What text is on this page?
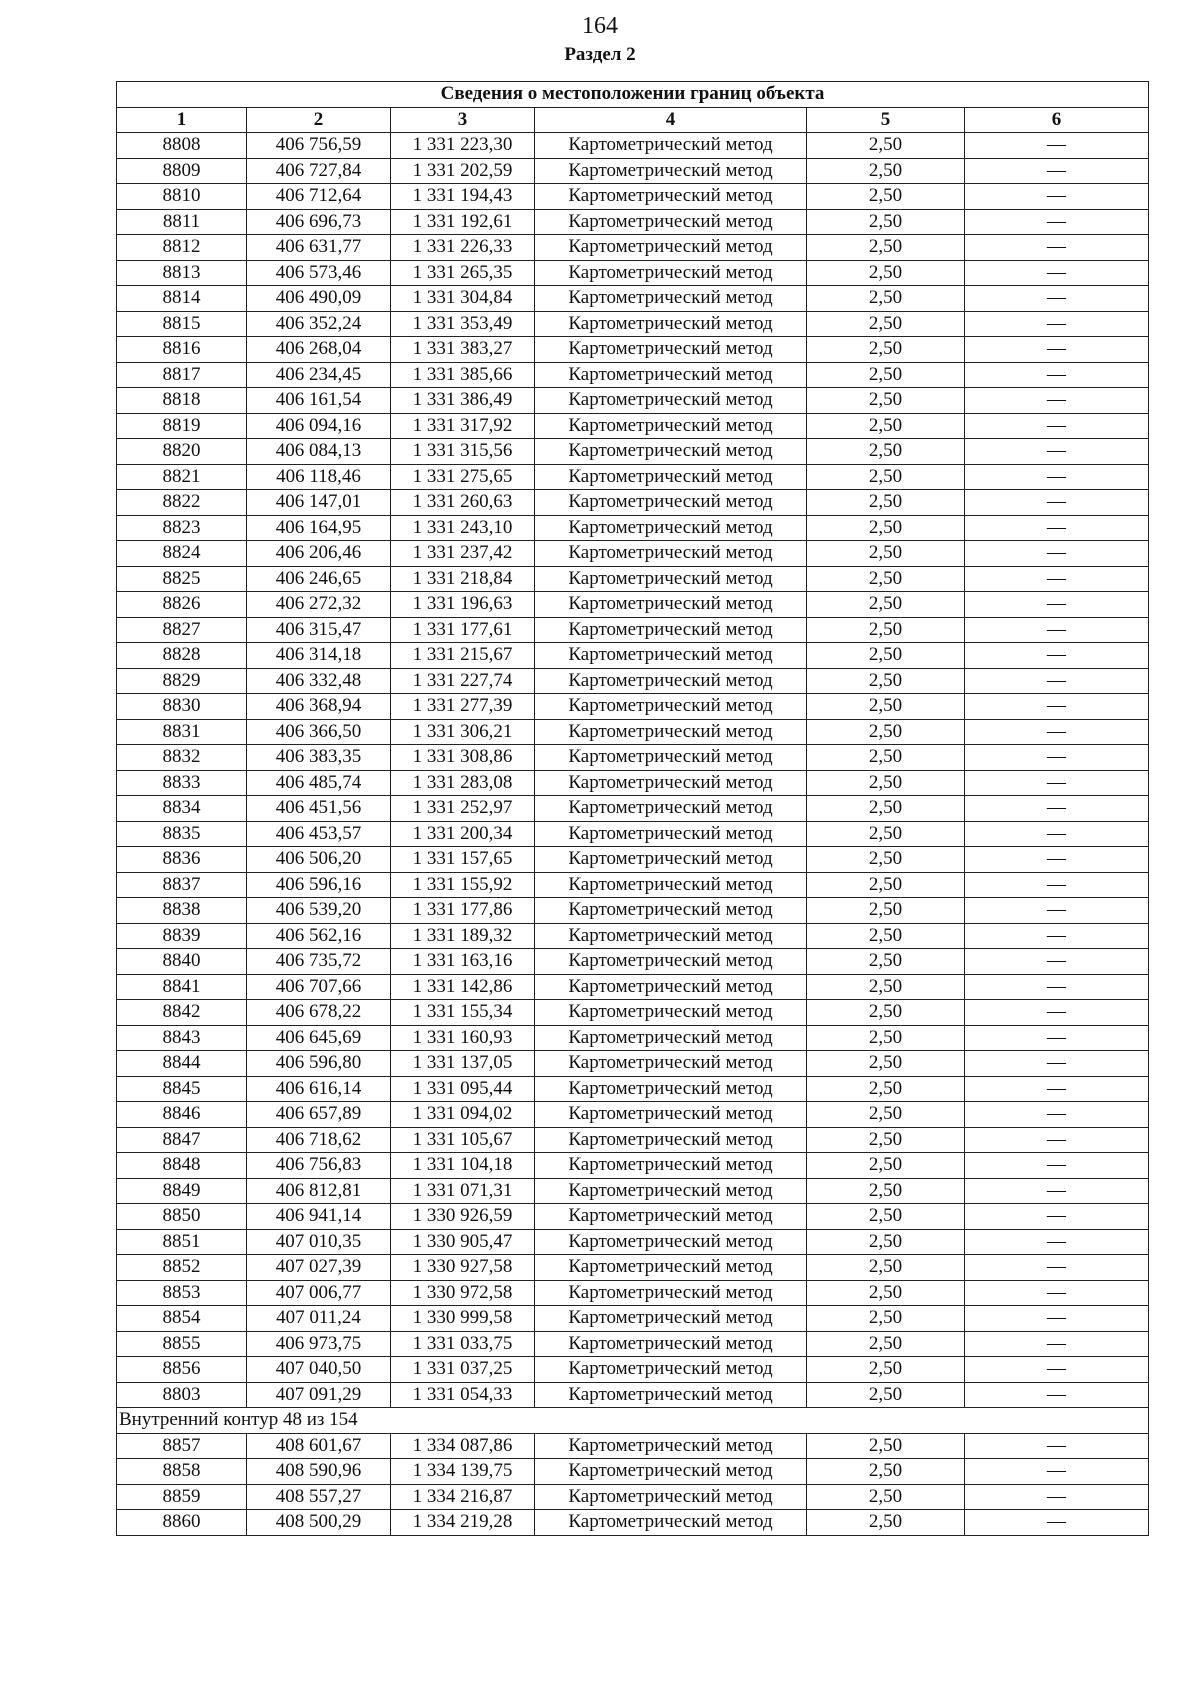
164
Раздел 2
Сведения о местоположении границ объекта					
1	2	3	4	5	6
8808	406 756,59	1 331 223,30	Картометрический метод	2,50	—
8809	406 727,84	1 331 202,59	Картометрический метод	2,50	—
8810	406 712,64	1 331 194,43	Картометрический метод	2,50	—
8811	406 696,73	1 331 192,61	Картометрический метод	2,50	—
8812	406 631,77	1 331 226,33	Картометрический метод	2,50	—
8813	406 573,46	1 331 265,35	Картометрический метод	2,50	—
8814	406 490,09	1 331 304,84	Картометрический метод	2,50	—
8815	406 352,24	1 331 353,49	Картометрический метод	2,50	—
8816	406 268,04	1 331 383,27	Картометрический метод	2,50	—
8817	406 234,45	1 331 385,66	Картометрический метод	2,50	—
8818	406 161,54	1 331 386,49	Картометрический метод	2,50	—
8819	406 094,16	1 331 317,92	Картометрический метод	2,50	—
8820	406 084,13	1 331 315,56	Картометрический метод	2,50	—
8821	406 118,46	1 331 275,65	Картометрический метод	2,50	—
8822	406 147,01	1 331 260,63	Картометрический метод	2,50	—
8823	406 164,95	1 331 243,10	Картометрический метод	2,50	—
8824	406 206,46	1 331 237,42	Картометрический метод	2,50	—
8825	406 246,65	1 331 218,84	Картометрический метод	2,50	—
8826	406 272,32	1 331 196,63	Картометрический метод	2,50	—
8827	406 315,47	1 331 177,61	Картометрический метод	2,50	—
8828	406 314,18	1 331 215,67	Картометрический метод	2,50	—
8829	406 332,48	1 331 227,74	Картометрический метод	2,50	—
8830	406 368,94	1 331 277,39	Картометрический метод	2,50	—
8831	406 366,50	1 331 306,21	Картометрический метод	2,50	—
8832	406 383,35	1 331 308,86	Картометрический метод	2,50	—
8833	406 485,74	1 331 283,08	Картометрический метод	2,50	—
8834	406 451,56	1 331 252,97	Картометрический метод	2,50	—
8835	406 453,57	1 331 200,34	Картометрический метод	2,50	—
8836	406 506,20	1 331 157,65	Картометрический метод	2,50	—
8837	406 596,16	1 331 155,92	Картометрический метод	2,50	—
8838	406 539,20	1 331 177,86	Картометрический метод	2,50	—
8839	406 562,16	1 331 189,32	Картометрический метод	2,50	—
8840	406 735,72	1 331 163,16	Картометрический метод	2,50	—
8841	406 707,66	1 331 142,86	Картометрический метод	2,50	—
8842	406 678,22	1 331 155,34	Картометрический метод	2,50	—
8843	406 645,69	1 331 160,93	Картометрический метод	2,50	—
8844	406 596,80	1 331 137,05	Картометрический метод	2,50	—
8845	406 616,14	1 331 095,44	Картометрический метод	2,50	—
8846	406 657,89	1 331 094,02	Картометрический метод	2,50	—
8847	406 718,62	1 331 105,67	Картометрический метод	2,50	—
8848	406 756,83	1 331 104,18	Картометрический метод	2,50	—
8849	406 812,81	1 331 071,31	Картометрический метод	2,50	—
8850	406 941,14	1 330 926,59	Картометрический метод	2,50	—
8851	407 010,35	1 330 905,47	Картометрический метод	2,50	—
8852	407 027,39	1 330 927,58	Картометрический метод	2,50	—
8853	407 006,77	1 330 972,58	Картометрический метод	2,50	—
8854	407 011,24	1 330 999,58	Картометрический метод	2,50	—
8855	406 973,75	1 331 033,75	Картометрический метод	2,50	—
8856	407 040,50	1 331 037,25	Картометрический метод	2,50	—
8803	407 091,29	1 331 054,33	Картометрический метод	2,50	—
Внутренний контур 48 из 154					
8857	408 601,67	1 334 087,86	Картометрический метод	2,50	—
8858	408 590,96	1 334 139,75	Картометрический метод	2,50	—
8859	408 557,27	1 334 216,87	Картометрический метод	2,50	—
8860	408 500,29	1 334 219,28	Картометрический метод	2,50	—
